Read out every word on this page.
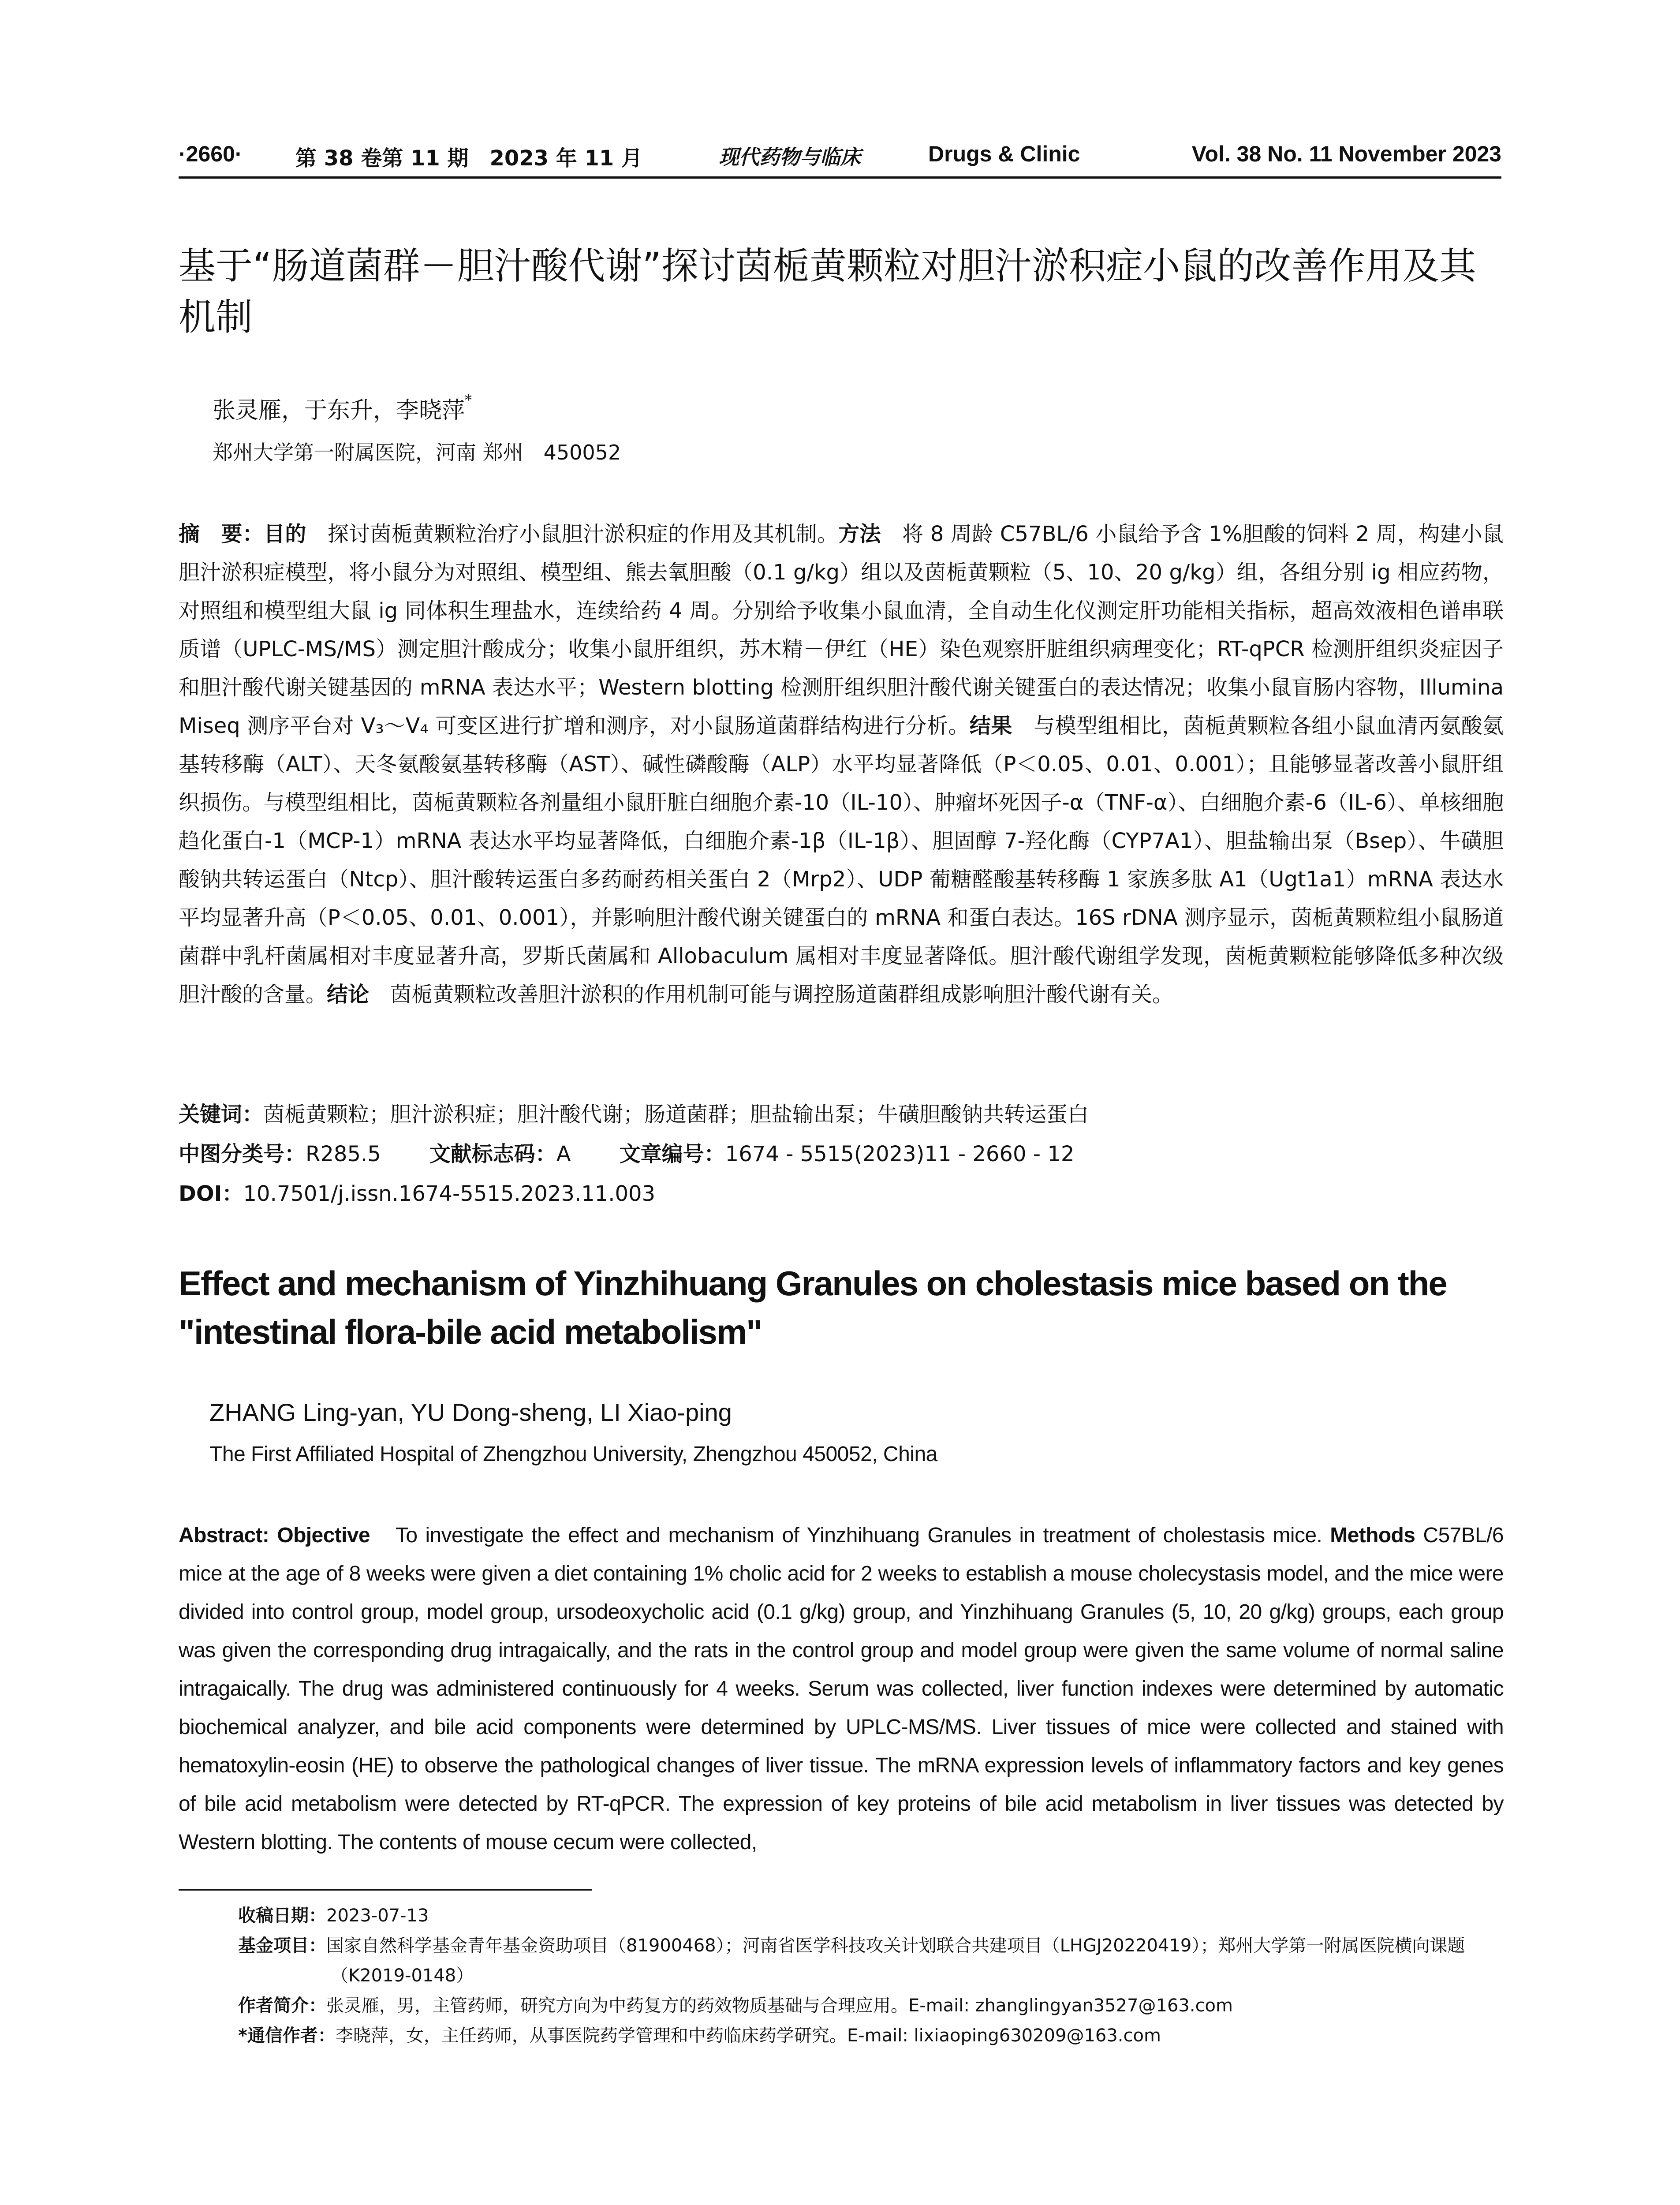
·2660·	第 38 卷第 11 期　2023 年 11 月	现代药物与临床	Drugs & Clinic	Vol. 38 No. 11 November 2023
基于“肠道菌群－胆汁酸代谢”探讨茵栀黄颗粒对胆汁淤积症小鼠的改善作用及其机制
张灵雁，于东升，李晓萍*
郑州大学第一附属医院，河南 郑州　450052
摘　要：目的　探讨茵栀黄颗粒治疗小鼠胆汁淤积症的作用及其机制。方法　将 8 周龄 C57BL/6 小鼠给予含 1%胆酸的饲料 2 周，构建小鼠胆汁淤积症模型，将小鼠分为对照组、模型组、熊去氧胆酸（0.1 g/kg）组以及茵栀黄颗粒（5、10、20 g/kg）组，各组分别 ig 相应药物，对照组和模型组大鼠 ig 同体积生理盐水，连续给药 4 周。分别给予收集小鼠血清，全自动生化仪测定肝功能相关指标，超高效液相色谱串联质谱（UPLC-MS/MS）测定胆汁酸成分；收集小鼠肝组织，苏木精－伊红（HE）染色观察肝脏组织病理变化；RT-qPCR 检测肝组织炎症因子和胆汁酸代谢关键基因的 mRNA 表达水平；Western blotting 检测肝组织胆汁酸代谢关键蛋白的表达情况；收集小鼠盲肠内容物，Illumina Miseq 测序平台对 V₃～V₄ 可变区进行扩增和测序，对小鼠肠道菌群结构进行分析。结果　与模型组相比，茵栀黄颗粒各组小鼠血清丙氨酸氨基转移酶（ALT）、天冬氨酸氨基转移酶（AST）、碱性磷酸酶（ALP）水平均显著降低（P＜0.05、0.01、0.001）；且能够显著改善小鼠肝组织损伤。与模型组相比，茵栀黄颗粒各剂量组小鼠肝脏白细胞介素-10（IL-10）、肿瘤坏死因子-α（TNF-α）、白细胞介素-6（IL-6）、单核细胞趋化蛋白-1（MCP-1）mRNA 表达水平均显著降低，白细胞介素-1β（IL-1β）、胆固醇 7-羟化酶（CYP7A1）、胆盐输出泵（Bsep）、牛磺胆酸钠共转运蛋白（Ntcp）、胆汁酸转运蛋白多药耐药相关蛋白 2（Mrp2）、UDP 葡糖醛酸基转移酶 1 家族多肽 A1（Ugt1a1）mRNA 表达水平均显著升高（P＜0.05、0.01、0.001），并影响胆汁酸代谢关键蛋白的 mRNA 和蛋白表达。16S rDNA 测序显示，茵栀黄颗粒组小鼠肠道菌群中乳杆菌属相对丰度显著升高，罗斯氏菌属和 Allobaculum 属相对丰度显著降低。胆汁酸代谢组学发现，茵栀黄颗粒能够降低多种次级胆汁酸的含量。结论　茵栀黄颗粒改善胆汁淤积的作用机制可能与调控肠道菌群组成影响胆汁酸代谢有关。
关键词：茵栀黄颗粒；胆汁淤积症；胆汁酸代谢；肠道菌群；胆盐输出泵；牛磺胆酸钠共转运蛋白
中图分类号：R285.5 文献标志码：A 文章编号：1674 - 5515(2023)11 - 2660 - 12
DOI：10.7501/j.issn.1674-5515.2023.11.003
Effect and mechanism of Yinzhihuang Granules on cholestasis mice based on the "intestinal flora-bile acid metabolism"
ZHANG Ling-yan, YU Dong-sheng, LI Xiao-ping
The First Affiliated Hospital of Zhengzhou University, Zhengzhou 450052, China
Abstract: Objective　To investigate the effect and mechanism of Yinzhihuang Granules in treatment of cholestasis mice. Methods C57BL/6 mice at the age of 8 weeks were given a diet containing 1% cholic acid for 2 weeks to establish a mouse cholecystasis model, and the mice were divided into control group, model group, ursodeoxycholic acid (0.1 g/kg) group, and Yinzhihuang Granules (5, 10, 20 g/kg) groups, each group was given the corresponding drug intragaically, and the rats in the control group and model group were given the same volume of normal saline intragaically. The drug was administered continuously for 4 weeks. Serum was collected, liver function indexes were determined by automatic biochemical analyzer, and bile acid components were determined by UPLC-MS/MS. Liver tissues of mice were collected and stained with hematoxylin-eosin (HE) to observe the pathological changes of liver tissue. The mRNA expression levels of inflammatory factors and key genes of bile acid metabolism were detected by RT-qPCR. The expression of key proteins of bile acid metabolism in liver tissues was detected by Western blotting. The contents of mouse cecum were collected,

收稿日期：2023-07-13

基金项目：国家自然科学基金青年基金资助项目（81900468）；河南省医学科技攻关计划联合共建项目（LHGJ20220419）；郑州大学第一附属医院横向课题（K2019-0148）

作者简介：张灵雁，男，主管药师，研究方向为中药复方的药效物质基础与合理应用。E-mail: zhanglingyan3527@163.com

*通信作者：李晓萍，女，主任药师，从事医院药学管理和中药临床药学研究。E-mail: lixiaoping630209@163.com
